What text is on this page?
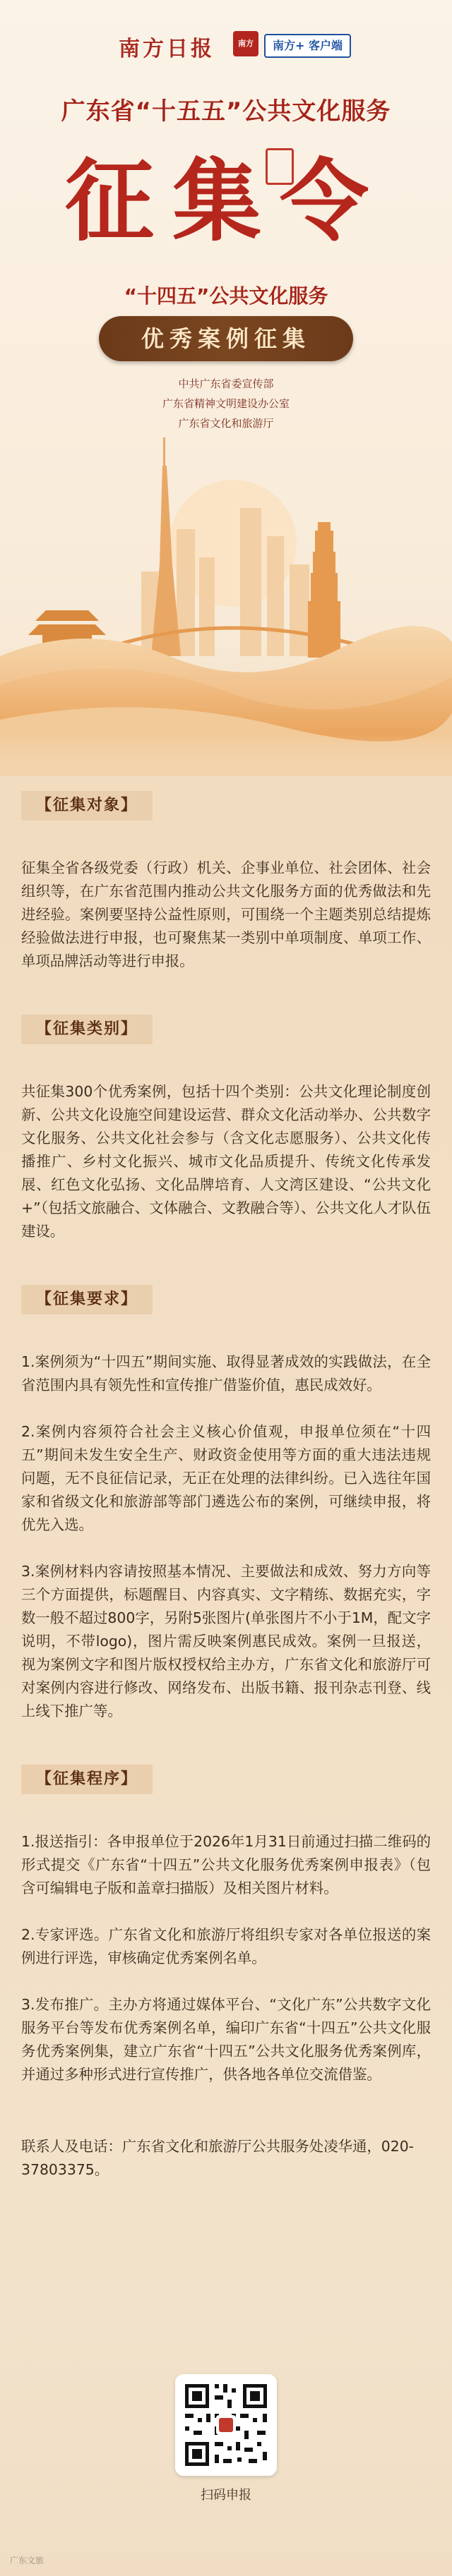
南方日报	南方	南方+ 客户端
广东省“十五五”公共文化服务
征集令
“十四五”公共文化服务
优秀案例征集
中共广东省委宣传部
广东省精神文明建设办公室
广东省文化和旅游厅
【征集对象】

征集全省各级党委（行政）机关、企事业单位、社会团体、社会组织等，在广东省范围内推动公共文化服务方面的优秀做法和先进经验。案例要坚持公益性原则，可围绕一个主题类别总结提炼经验做法进行申报，也可聚焦某一类别中单项制度、单项工作、单项品牌活动等进行申报。

【征集类别】

共征集300个优秀案例，包括十四个类别：公共文化理论制度创新、公共文化设施空间建设运营、群众文化活动举办、公共数字文化服务、公共文化社会参与（含文化志愿服务）、公共文化传播推广、乡村文化振兴、城市文化品质提升、传统文化传承发展、红色文化弘扬、文化品牌培育、人文湾区建设、“公共文化+”（包括文旅融合、文体融合、文教融合等）、公共文化人才队伍建设。

【征集要求】

1.案例须为“十四五”期间实施、取得显著成效的实践做法，在全省范围内具有领先性和宣传推广借鉴价值，惠民成效好。

2.案例内容须符合社会主义核心价值观，申报单位须在“十四五”期间未发生安全生产、财政资金使用等方面的重大违法违规问题，无不良征信记录，无正在处理的法律纠纷。已入选往年国家和省级文化和旅游部等部门遴选公布的案例，可继续申报，将优先入选。

3.案例材料内容请按照基本情况、主要做法和成效、努力方向等三个方面提供，标题醒目、内容真实、文字精练、数据充实，字数一般不超过800字，另附5张图片(单张图片不小于1M，配文字说明，不带logo)，图片需反映案例惠民成效。案例一旦报送，视为案例文字和图片版权授权给主办方，广东省文化和旅游厅可对案例内容进行修改、网络发布、出版书籍、报刊杂志刊登、线上线下推广等。

【征集程序】

1.报送指引：各申报单位于2026年1月31日前通过扫描二维码的形式提交《广东省“十四五”公共文化服务优秀案例申报表》（包含可编辑电子版和盖章扫描版）及相关图片材料。

2.专家评选。广东省文化和旅游厅将组织专家对各单位报送的案例进行评选，审核确定优秀案例名单。

3.发布推广。主办方将通过媒体平台、“文化广东”公共数字文化服务平台等发布优秀案例名单，编印广东省“十四五”公共文化服务优秀案例集，建立广东省“十四五”公共文化服务优秀案例库，并通过多种形式进行宣传推广，供各地各单位交流借鉴。

联系人及电话：广东省文化和旅游厅公共服务处凌华通，020-37803375。
扫码申报
广东文旅
